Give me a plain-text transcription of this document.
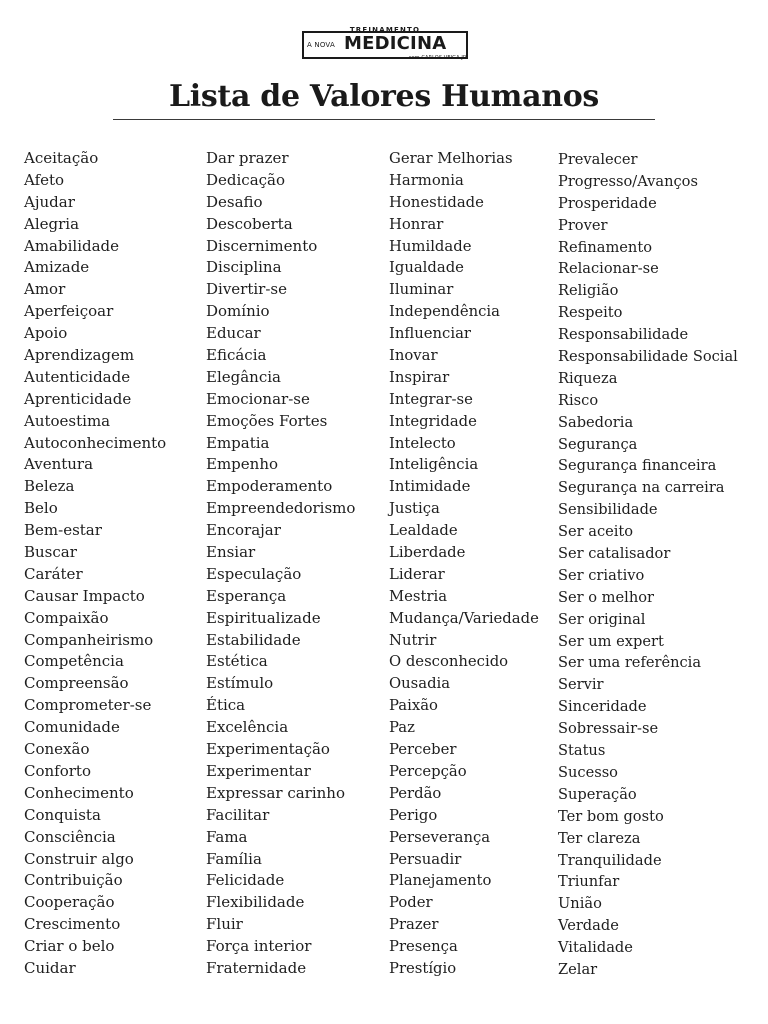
TREINAMENTO
A NOVA MEDICINA
com CARLOS VEIGA JR.
Lista de Valores Humanos
Aceitação
Afeto
Ajudar
Alegria
Amabilidade
Amizade
Amor
Aperfeiçoar
Apoio
Aprendizagem
Autenticidade
Aprenticidade
Autoestima
Autoconhecimento
Aventura
Beleza
Belo
Bem-estar
Buscar
Caráter
Causar Impacto
Compaixão
Companheirismo
Competência
Compreensão
Comprometer-se
Comunidade
Conexão
Conforto
Conhecimento
Conquista
Consciência
Construir algo
Contribuição
Cooperação
Crescimento
Criar o belo
Cuidar
Dar prazer
Dedicação
Desafio
Descoberta
Discernimento
Disciplina
Divertir-se
Domínio
Educar
Eficácia
Elegância
Emocionar-se
Emoções Fortes
Empatia
Empenho
Empoderamento
Empreendedorismo
Encorajar
Ensiar
Especulação
Esperança
Espiritualizade
Estabilidade
Estética
Estímulo
Ética
Excelência
Experimentação
Experimentar
Expressar carinho
Facilitar
Fama
Família
Felicidade
Flexibilidade
Fluir
Força interior
Fraternidade
Gerar Melhorias
Harmonia
Honestidade
Honrar
Humildade
Igualdade
Iluminar
Independência
Influenciar
Inovar
Inspirar
Integrar-se
Integridade
Intelecto
Inteligência
Intimidade
Justiça
Lealdade
Liberdade
Liderar
Mestria
Mudança/Variedade
Nutrir
O desconhecido
Ousadia
Paixão
Paz
Perceber
Percepção
Perdão
Perigo
Perseverança
Persuadir
Planejamento
Poder
Prazer
Presença
Prestígio
Prevalecer
Progresso/Avanços
Prosperidade
Prover
Refinamento
Relacionar-se
Religião
Respeito
Responsabilidade
Responsabilidade Social
Riqueza
Risco
Sabedoria
Segurança
Segurança financeira
Segurança na carreira
Sensibilidade
Ser aceito
Ser catalisador
Ser criativo
Ser o melhor
Ser original
Ser um expert
Ser uma referência
Servir
Sinceridade
Sobressair-se
Status
Sucesso
Superação
Ter bom gosto
Ter clareza
Tranquilidade
Triunfar
União
Verdade
Vitalidade
Zelar
